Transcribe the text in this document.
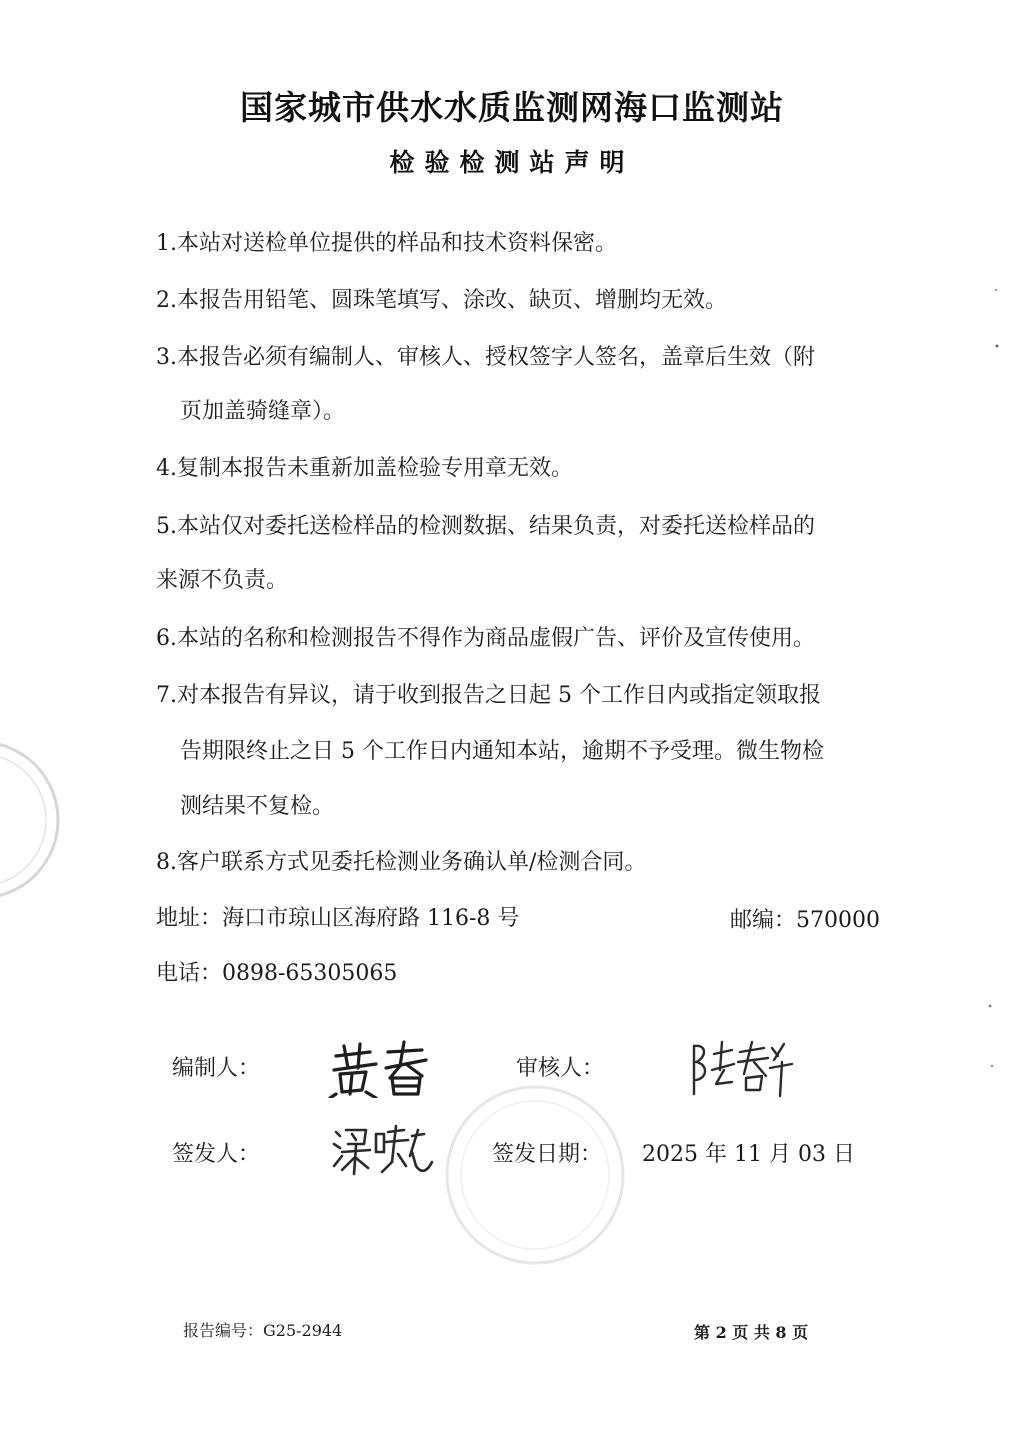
国家城市供水水质监测网海口监测站
检验检测站声明
1.本站对送检单位提供的样品和技术资料保密。
2.本报告用铅笔、圆珠笔填写、涂改、缺页、增删均无效。
3.本报告必须有编制人、审核人、授权签字人签名，盖章后生效（附
页加盖骑缝章）。
4.复制本报告未重新加盖检验专用章无效。
5.本站仅对委托送检样品的检测数据、结果负责，对委托送检样品的
来源不负责。
6.本站的名称和检测报告不得作为商品虚假广告、评价及宣传使用。
7.对本报告有异议，请于收到报告之日起 5 个工作日内或指定领取报
告期限终止之日 5 个工作日内通知本站，逾期不予受理。微生物检
测结果不复检。
8.客户联系方式见委托检测业务确认单/检测合同。
地址：海口市琼山区海府路 116-8 号	邮编：570000
电话：0898-65305065
编制人：	审核人：
签发人：	签发日期： 2025 年 11 月 03 日
报告编号：G25-2944	第 2 页 共 8 页
